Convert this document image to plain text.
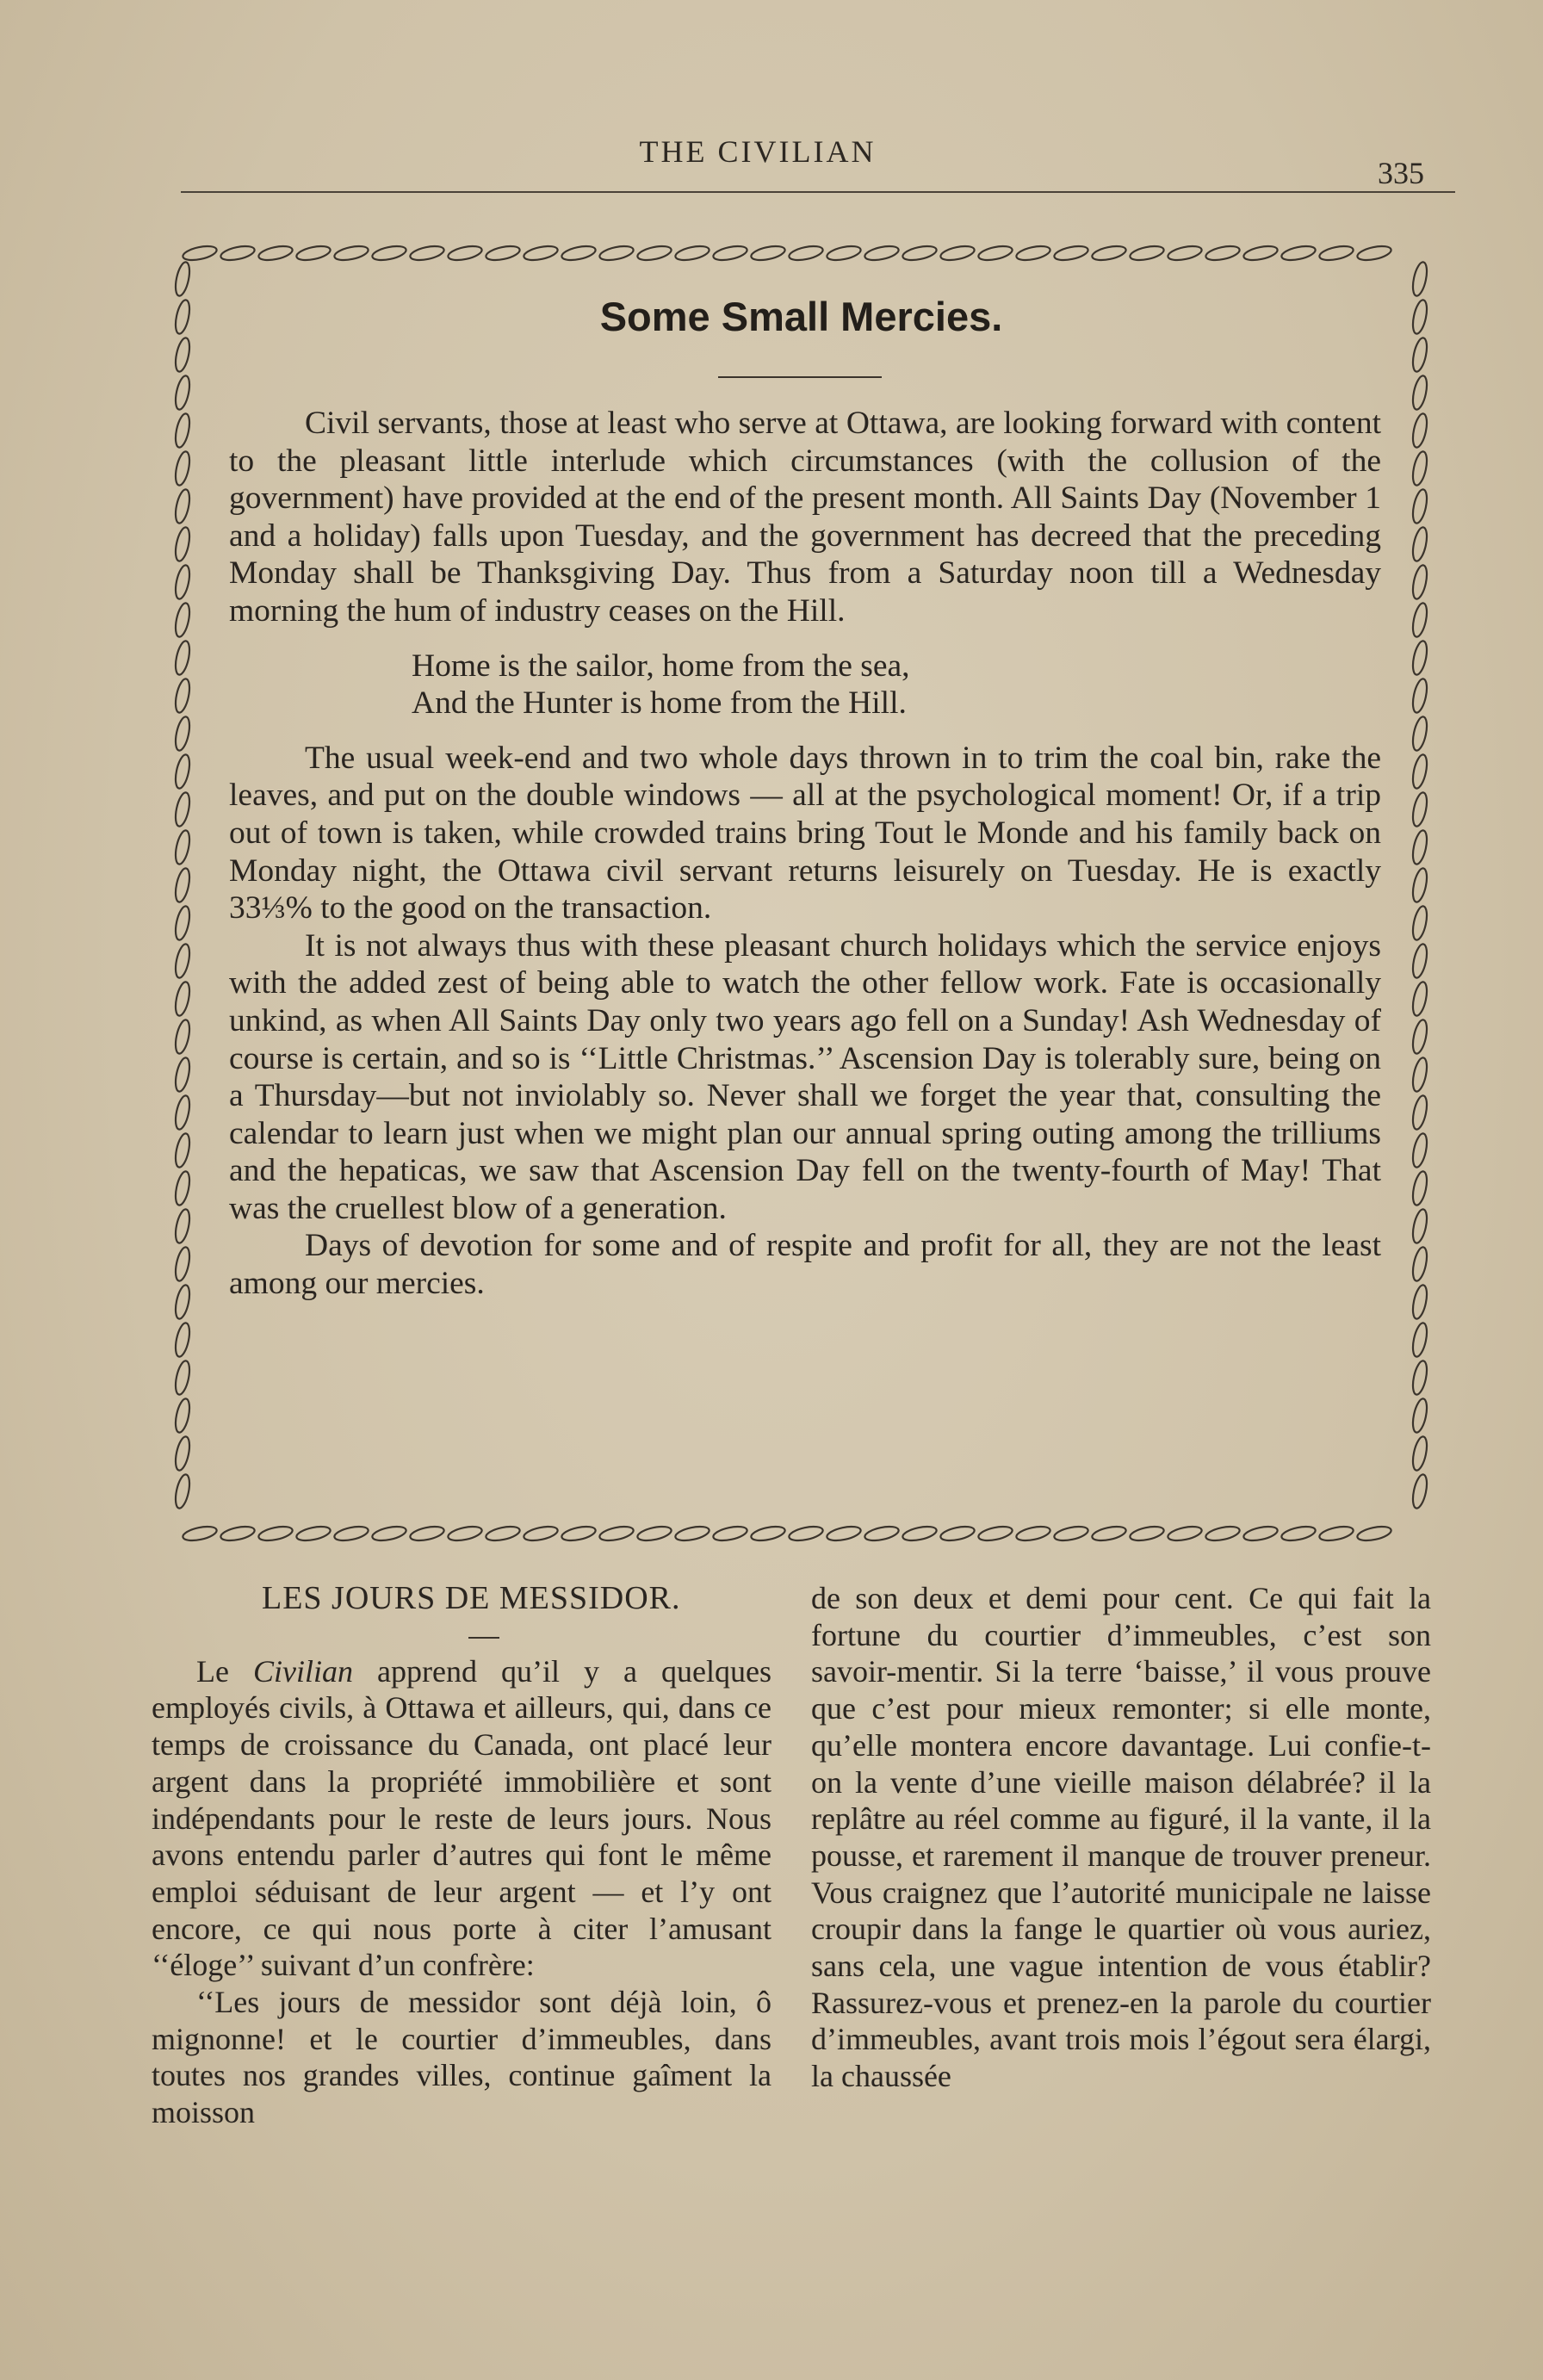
THE CIVILIAN
335
Some Small Mercies.

Civil servants, those at least who serve at Ottawa, are looking forward with content to the pleasant little interlude which circumstances (with the collusion of the government) have provided at the end of the present month. All Saints Day (November 1 and a holiday) falls upon Tuesday, and the government has decreed that the preceding Monday shall be Thanksgiving Day. Thus from a Saturday noon till a Wednesday morning the hum of industry ceases on the Hill.

Home is the sailor, home from the sea,
And the Hunter is home from the Hill.

The usual week-end and two whole days thrown in to trim the coal bin, rake the leaves, and put on the double windows — all at the psychological moment! Or, if a trip out of town is taken, while crowded trains bring Tout le Monde and his family back on Monday night, the Ottawa civil servant returns leisurely on Tuesday. He is exactly 33⅓% to the good on the transaction.

It is not always thus with these pleasant church holidays which the service enjoys with the added zest of being able to watch the other fellow work. Fate is occasionally unkind, as when All Saints Day only two years ago fell on a Sunday! Ash Wednesday of course is certain, and so is ‘‘Little Christmas.’’ Ascension Day is tolerably sure, being on a Thursday—but not inviolably so. Never shall we forget the year that, consulting the calendar to learn just when we might plan our annual spring outing among the trilliums and the hepaticas, we saw that Ascension Day fell on the twenty-fourth of May! That was the cruellest blow of a generation.

Days of devotion for some and of respite and profit for all, they are not the least among our mercies.

LES JOURS DE MESSIDOR.

Le Civilian apprend qu’il y a quelques employés civils, à Ottawa et ailleurs, qui, dans ce temps de croissance du Canada, ont placé leur argent dans la propriété immobilière et sont indépendants pour le reste de leurs jours. Nous avons entendu parler d’autres qui font le même emploi séduisant de leur argent — et l’y ont encore, ce qui nous porte à citer l’amusant ‘‘éloge’’ suivant d’un confrère:

‘‘Les jours de messidor sont déjà loin, ô mignonne! et le courtier d’immeubles, dans toutes nos grandes villes, continue gaîment la moisson

de son deux et demi pour cent. Ce qui fait la fortune du courtier d’immeubles, c’est son savoir-mentir. Si la terre ‘baisse,’ il vous prouve que c’est pour mieux remonter; si elle monte, qu’elle montera encore davantage. Lui confie-t-on la vente d’une vieille maison délabrée? il la replâtre au réel comme au figuré, il la vante, il la pousse, et rarement il manque de trouver preneur. Vous craignez que l’autorité municipale ne laisse croupir dans la fange le quartier où vous auriez, sans cela, une vague intention de vous établir? Rassurez-vous et prenez-en la parole du courtier d’immeubles, avant trois mois l’égout sera élargi, la chaussée
